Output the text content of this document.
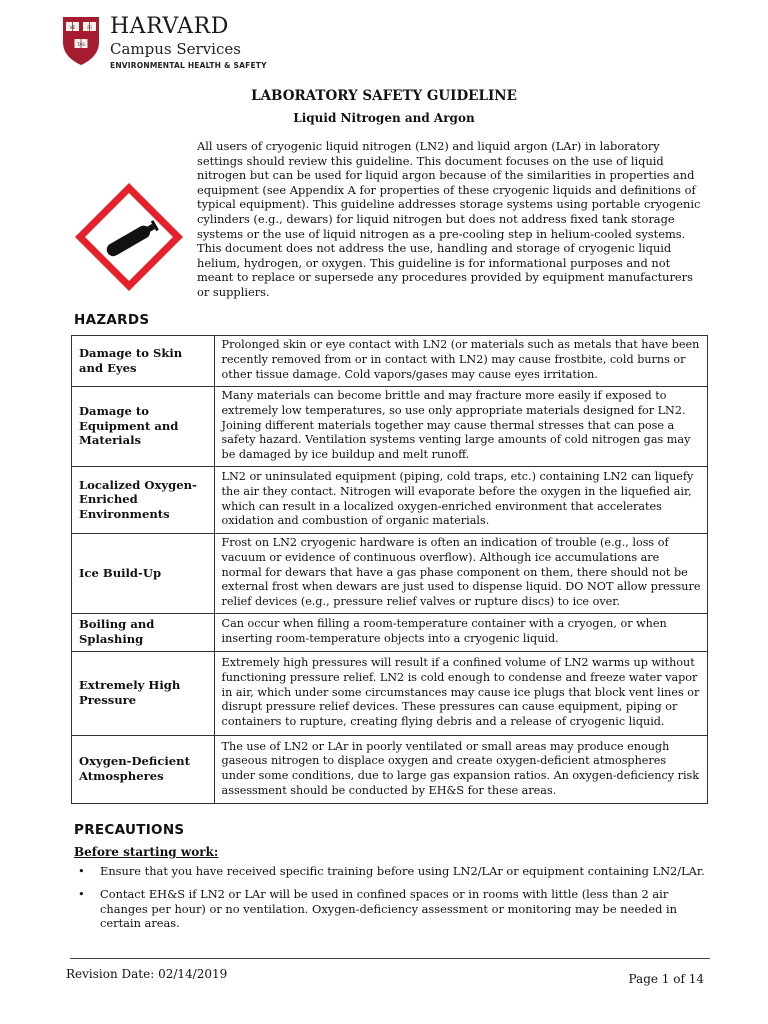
VE	RI
TAS
HARVARD
Campus Services
ENVIRONMENTAL HEALTH & SAFETY
LABORATORY SAFETY GUIDELINE
Liquid Nitrogen and Argon
All users of cryogenic liquid nitrogen (LN2) and liquid argon (LAr) in laboratory settings should review this guideline. This document focuses on the use of liquid nitrogen but can be used for liquid argon because of the similarities in properties and equipment (see Appendix A for properties of these cryogenic liquids and definitions of typical equipment). This guideline addresses storage systems using portable cryogenic cylinders (e.g., dewars) for liquid nitrogen but does not address fixed tank storage systems or the use of liquid nitrogen as a pre-cooling step in helium-cooled systems. This document does not address the use, handling and storage of cryogenic liquid helium, hydrogen, or oxygen. This guideline is for informational purposes and not meant to replace or supersede any procedures provided by equipment manufacturers or suppliers.
HAZARDS
Damage to Skin and Eyes	Prolonged skin or eye contact with LN2 (or materials such as metals that have been recently removed from or in contact with LN2) may cause frostbite, cold burns or other tissue damage. Cold vapors/gases may cause eyes irritation.
Damage to Equipment and Materials	Many materials can become brittle and may fracture more easily if exposed to extremely low temperatures, so use only appropriate materials designed for LN2. Joining different materials together may cause thermal stresses that can pose a safety hazard. Ventilation systems venting large amounts of cold nitrogen gas may be damaged by ice buildup and melt runoff.
Localized Oxygen-Enriched Environments	LN2 or uninsulated equipment (piping, cold traps, etc.) containing LN2 can liquefy the air they contact. Nitrogen will evaporate before the oxygen in the liquefied air, which can result in a localized oxygen-enriched environment that accelerates oxidation and combustion of organic materials.
Ice Build-Up	Frost on LN2 cryogenic hardware is often an indication of trouble (e.g., loss of vacuum or evidence of continuous overflow). Although ice accumulations are normal for dewars that have a gas phase component on them, there should not be external frost when dewars are just used to dispense liquid. DO NOT allow pressure relief devices (e.g., pressure relief valves or rupture discs) to ice over.
Boiling and Splashing	Can occur when filling a room-temperature container with a cryogen, or when inserting room-temperature objects into a cryogenic liquid.
Extremely High Pressure	Extremely high pressures will result if a confined volume of LN2 warms up without functioning pressure relief. LN2 is cold enough to condense and freeze water vapor in air, which under some circumstances may cause ice plugs that block vent lines or disrupt pressure relief devices. These pressures can cause equipment, piping or containers to rupture, creating flying debris and a release of cryogenic liquid.
Oxygen-Deficient Atmospheres	The use of LN2 or LAr in poorly ventilated or small areas may produce enough gaseous nitrogen to displace oxygen and create oxygen-deficient atmospheres under some conditions, due to large gas expansion ratios. An oxygen-deficiency risk assessment should be conducted by EH&S for these areas.
PRECAUTIONS
Before starting work:
• Ensure that you have received specific training before using LN2/LAr or equipment containing LN2/LAr.
• Contact EH&S if LN2 or LAr will be used in confined spaces or in rooms with little (less than 2 air changes per hour) or no ventilation. Oxygen-deficiency assessment or monitoring may be needed in certain areas.
Revision Date: 02/14/2019	Page 1 of 14
